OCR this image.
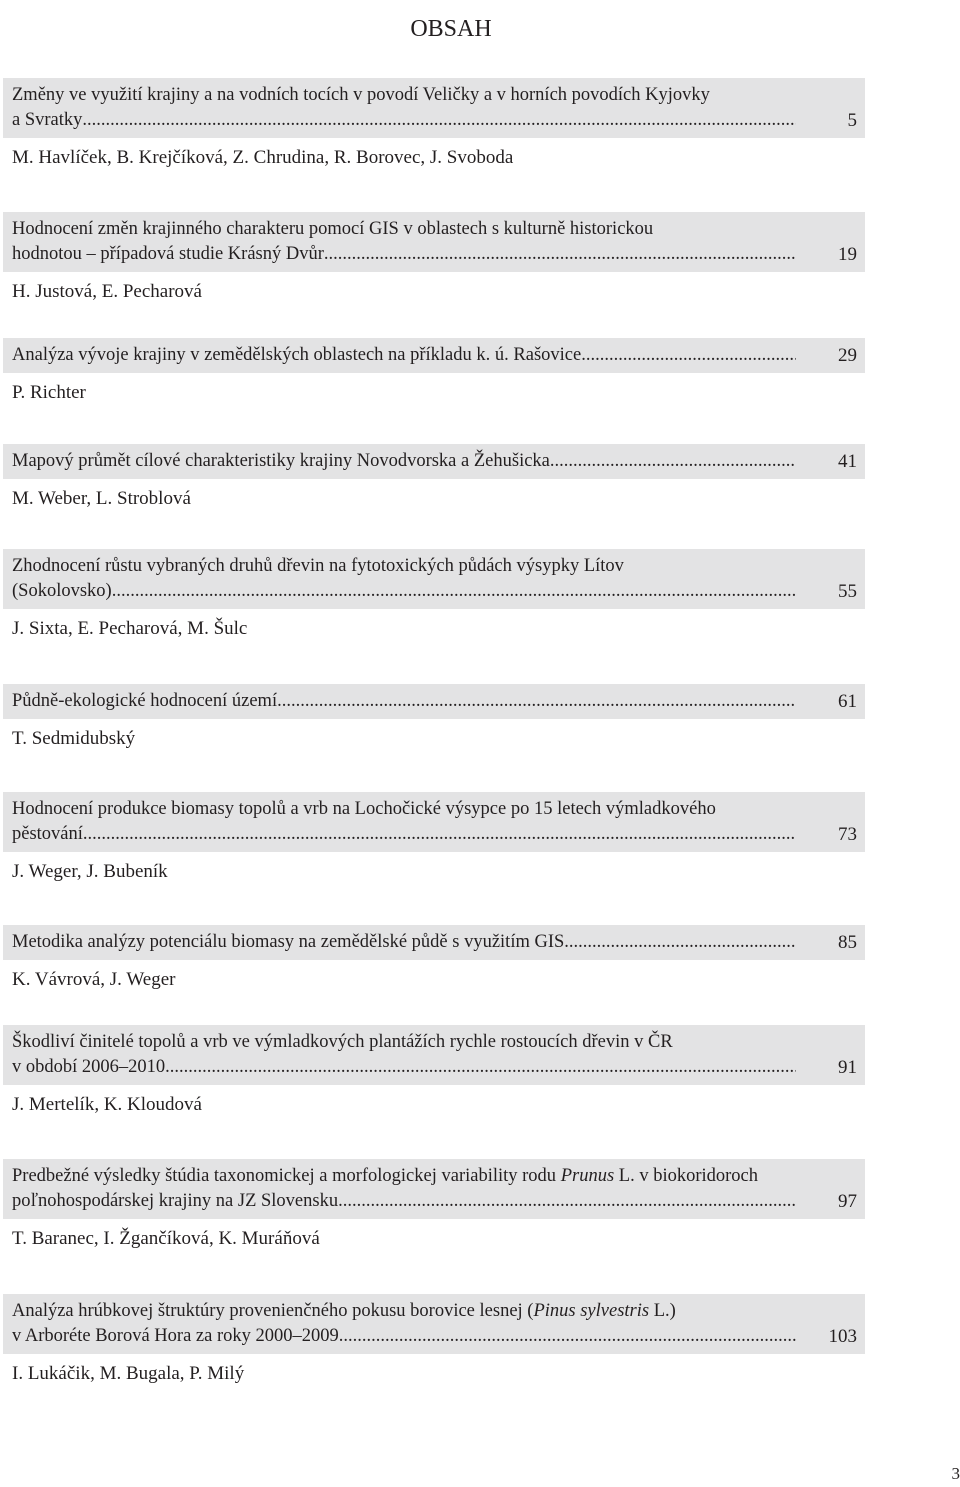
OBSAH
Změny ve využití krajiny a na vodních tocích v povodí Veličky a v horních povodích Kyjovky
a Svratky .....	5
M. Havlíček, B. Krejčíková, Z. Chrudina, R. Borovec, J. Svoboda
Hodnocení změn krajinného charakteru pomocí GIS v oblastech s kulturně historickou
hodnotou – případová studie Krásný Dvůr .....	19
H. Justová, E. Pecharová
Analýza vývoje krajiny v zemědělských oblastech na příkladu k. ú. Rašovice .....	29
P. Richter
Mapový průmět cílové charakteristiky krajiny Novodvorska a Žehušicka .....	41
M. Weber, L. Stroblová
Zhodnocení růstu vybraných druhů dřevin na fytotoxických půdách výsypky Lítov
(Sokolovsko) .....	55
J. Sixta, E. Pecharová, M. Šulc
Půdně-ekologické hodnocení území .....	61
T. Sedmidubský
Hodnocení produkce biomasy topolů a vrb na Lochočické výsypce po 15 letech výmladkového
pěstování .....	73
J. Weger, J. Bubeník
Metodika analýzy potenciálu biomasy na zemědělské půdě s využitím GIS .....	85
K. Vávrová, J. Weger
Škodliví činitelé topolů a vrb ve výmladkových plantážích rychle rostoucích dřevin v ČR
v období 2006–2010 .....	91
J. Mertelík, K. Kloudová
Predbežné výsledky štúdia taxonomickej a morfologickej variability rodu Prunus L. v biokoridoroch
poľnohospodárskej krajiny na JZ Slovensku .....	97
T. Baranec, I. Žgančíková, K. Muráňová
Analýza hrúbkovej štruktúry provenienčného pokusu borovice lesnej (Pinus sylvestris L.)
v Arboréte Borová Hora za roky 2000–2009 .....	103
I. Lukáčik, M. Bugala, P. Milý
3
